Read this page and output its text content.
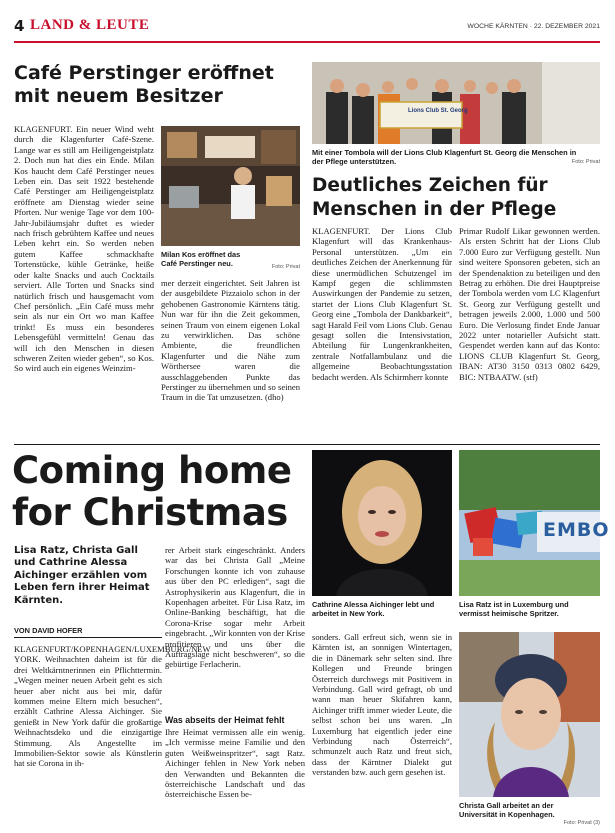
4 LAND & LEUTE	WOCHE KÄRNTEN · 22. DEZEMBER 2021
Café Perstinger eröffnet
mit neuem Besitzer
KLAGENFURT. Ein neuer Wind weht durch die Klagenfurter Café-Szene. Lange war es still am Heiligengeistplatz 2. Doch nun hat dies ein Ende. Milan Kos haucht dem Café Perstinger neues Leben ein. Das seit 1922 bestehende Café Perstinger am Heiligengeistplatz eröffnete am Dienstag wieder seine Pforten. Nur wenige Tage vor dem 100-Jahr-Jubiläumsjahr duftet es wieder nach frisch gebrühtem Kaffee und neues Leben kehrt ein. So werden neben gutem Kaffee schmackhafte Tortenstücke, kühle Getränke, heiße oder kalte Snacks und auch Cocktails serviert. Alle Torten und Snacks sind natürlich frisch und hausgemacht vom Chef persönlich. „Ein Café muss mehr sein als nur ein Ort wo man Kaffee trinkt! Es muss ein besonderes Lebensgefühl vermitteln! Genau das will ich den Menschen in diesen schweren Zeiten wieder geben“, so Kos. So wird auch ein eigenes Weinzim-
Milan Kos eröffnet das Café Perstinger neu.	Foto: Privat
mer derzeit eingerichtet. Seit Jahren ist der ausgebildete Pizzaiolo schon in der gehobenen Gastronomie Kärntens tätig. Nun war für ihn die Zeit gekommen, seinen Traum von einem eigenen Lokal zu verwirklichen. Das schöne Ambiente, die freundlichen Klagenfurter und die Nähe zum Wörthersee waren die ausschlaggebenden Punkte das Perstinger zu übernehmen und so seinen Traum in die Tat umzusetzen. (dho)
Lions Club St. Georg
Mit einer Tombola will der Lions Club Klagenfurt St. Georg die Menschen in der Pflege unterstützen.	Foto: Privat
Deutliches Zeichen für
Menschen in der Pflege
KLAGENFURT. Der Lions Club Klagenfurt will das Krankenhaus-Personal unterstützen. „Um ein deutliches Zeichen der Anerkennung für diese unermüdlichen Schutzengel im Kampf gegen die schlimmsten Auswirkungen der Pandemie zu setzen, startet der Lions Club Klagenfurt St. Georg eine „Tombola der Dankbarkeit“, sagt Harald Feil vom Lions Club. Genau gesagt sollen die Intensivstation, Abteilung für Lungenkrankheiten, zentrale Notfallambulanz und die allgemeine Beobachtungsstation bedacht werden. Als Schirmherr konnte
Primar Rudolf Likar gewonnen werden. Als ersten Schritt hat der Lions Club 7.000 Euro zur Verfügung gestellt. Nun sind weitere Sponsoren gebeten, sich an der Spendenaktion zu beteiligen und den Betrag zu erhöhen. Die drei Hauptpreise der Tombola werden vom LC Klagenfurt St. Georg zur Verfügung gestellt und betragen jeweils 2.000, 1.000 und 500 Euro. Die Verlosung findet Ende Januar 2022 unter notarieller Aufsicht statt. Gespendet werden kann auf das Konto: LIONS CLUB Klagenfurt St. Georg, IBAN: AT30 3150 0313 0802 6429, BIC: NTBAATW. (stf)
Coming home
for Christmas
Lisa Ratz, Christa Gall und Cathrine Alessa Aichinger erzählen vom Leben fern ihrer Heimat Kärnten.
VON DAVID HOFER
KLAGENFURT/KOPENHAGEN/LUXEMBURG/NEW YORK. Weihnachten daheim ist für die drei Weltkärntnerinnen ein Pflichttermin. „Wegen meiner neuen Arbeit geht es sich heuer aber nicht aus bei mir, dafür kommen meine Eltern mich besuchen“, erzählt Cathrine Alessa Aichinger. Sie genießt in New York dafür die großartige Weihnachtsdeko und die einzigartige Stimmung. Als Angestellte im Immobilien-Sektor sowie als Künstlerin hat sie Corona in ih-
rer Arbeit stark eingeschränkt. Anders war das bei Christa Gall „Meine Forschungen konnte ich von zuhause aus über den PC erledigen“, sagt die Astrophysikerin aus Klagenfurt, die in Kopenhagen arbeitet. Für Lisa Ratz, im Online-Banking beschäftigt, hat die Corona-Krise sogar mehr Arbeit eingebracht. „Wir konnten von der Krise profitieren und uns über die Auftragslage nicht beschweren“, so die gebürtige Ferlacherin.
Was abseits der Heimat fehlt
Ihre Heimat vermissen alle ein wenig. „Ich vermisse meine Familie und den guten Weißweinspritzer“, sagt Ratz. Aichinger fehlen in New York neben den Verwandten und Bekannten die österreichische Landschaft und das österreichische Essen be-
Cathrine Alessa Aichinger lebt und arbeitet in New York.
EMBO
Lisa Ratz ist in Luxemburg und vermisst heimische Spritzer.
sonders. Gall erfreut sich, wenn sie in Kärnten ist, an sonnigen Wintertagen, die in Dänemark sehr selten sind. Ihre Kollegen und Freunde bringen Österreich durchwegs mit Positivem in Verbindung. Gall wird gefragt, ob und wann man heuer Skifahren kann, Aichinger trifft immer wieder Leute, die selbst schon bei uns waren. „In Luxemburg hat eigentlich jeder eine Verbindung nach Österreich“, schmunzelt auch Ratz und freut sich, dass der Kärntner Dialekt gut verstanden bzw. auch gern gesehen ist.
Christa Gall arbeitet an der Universität in Kopenhagen.
Foto: Privat (3)
